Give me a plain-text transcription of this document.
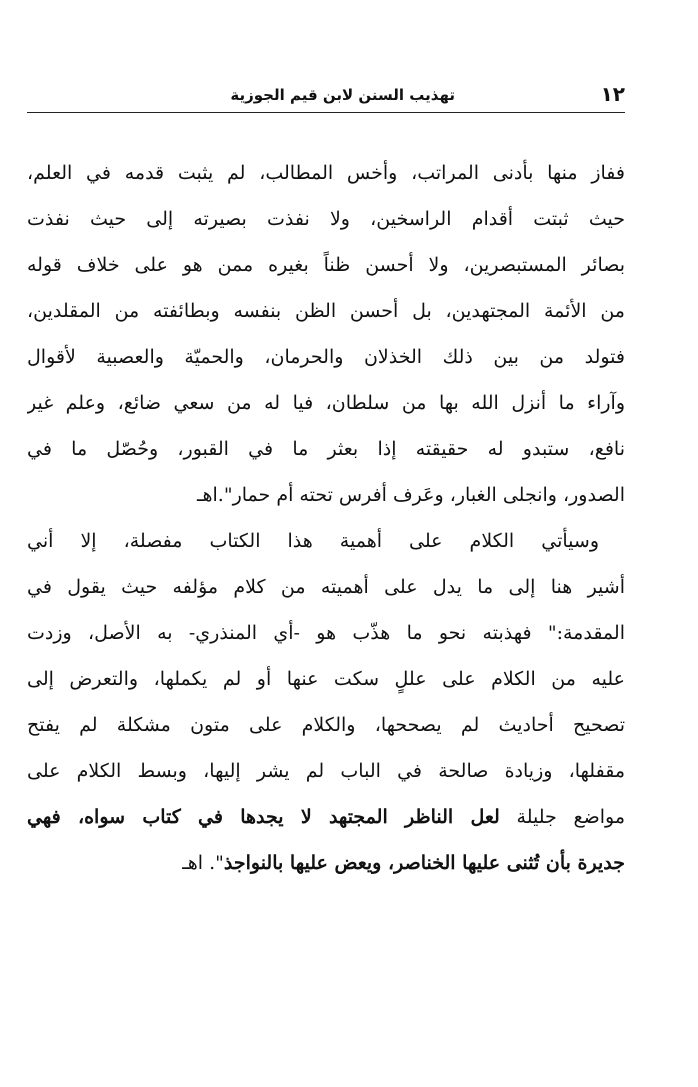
١٢
تهذيب السنن لابن قيم الجوزية
ففاز منها بأدنى المراتب، وأخس المطالب، لم يثبت قدمه في العلم،
حيث ثبتت أقدام الراسخين، ولا نفذت بصيرته إلى حيث نفذت
بصائر المستبصرين، ولا أحسن ظناً بغيره ممن هو على خلاف قوله
من الأئمة المجتهدين، بل أحسن الظن بنفسه وبطائفته من المقلدين،
فتولد من بين ذلك الخذلان والحرمان، والحميّة والعصبية لأقوال
وآراء ما أنزل الله بها من سلطان، فيا له من سعي ضائع، وعلم غير
نافع، ستبدو له حقيقته إذا بعثر ما في القبور، وحُصّل ما في
الصدور، وانجلى الغبار، وعَرف أفرس تحته أم حمار".اهـ
وسيأتي الكلام على أهمية هذا الكتاب مفصلة، إلا أني
أشير هنا إلى ما يدل على أهميته من كلام مؤلفه حيث يقول في
المقدمة:" فهذبته نحو ما هذّب هو -أي المنذري- به الأصل، وزدت
عليه من الكلام على عللٍ سكت عنها أو لم يكملها، والتعرض إلى
تصحيح أحاديث لم يصححها، والكلام على متون مشكلة لم يفتح
مقفلها، وزيادة صالحة في الباب لم يشر إليها، وبسط الكلام على
مواضع جليلة لعل الناظر المجتهد لا يجدها في كتاب سواه، فهي
جديرة بأن تُثنى عليها الخناصر، ويعض عليها بالنواجذ". اهـ
